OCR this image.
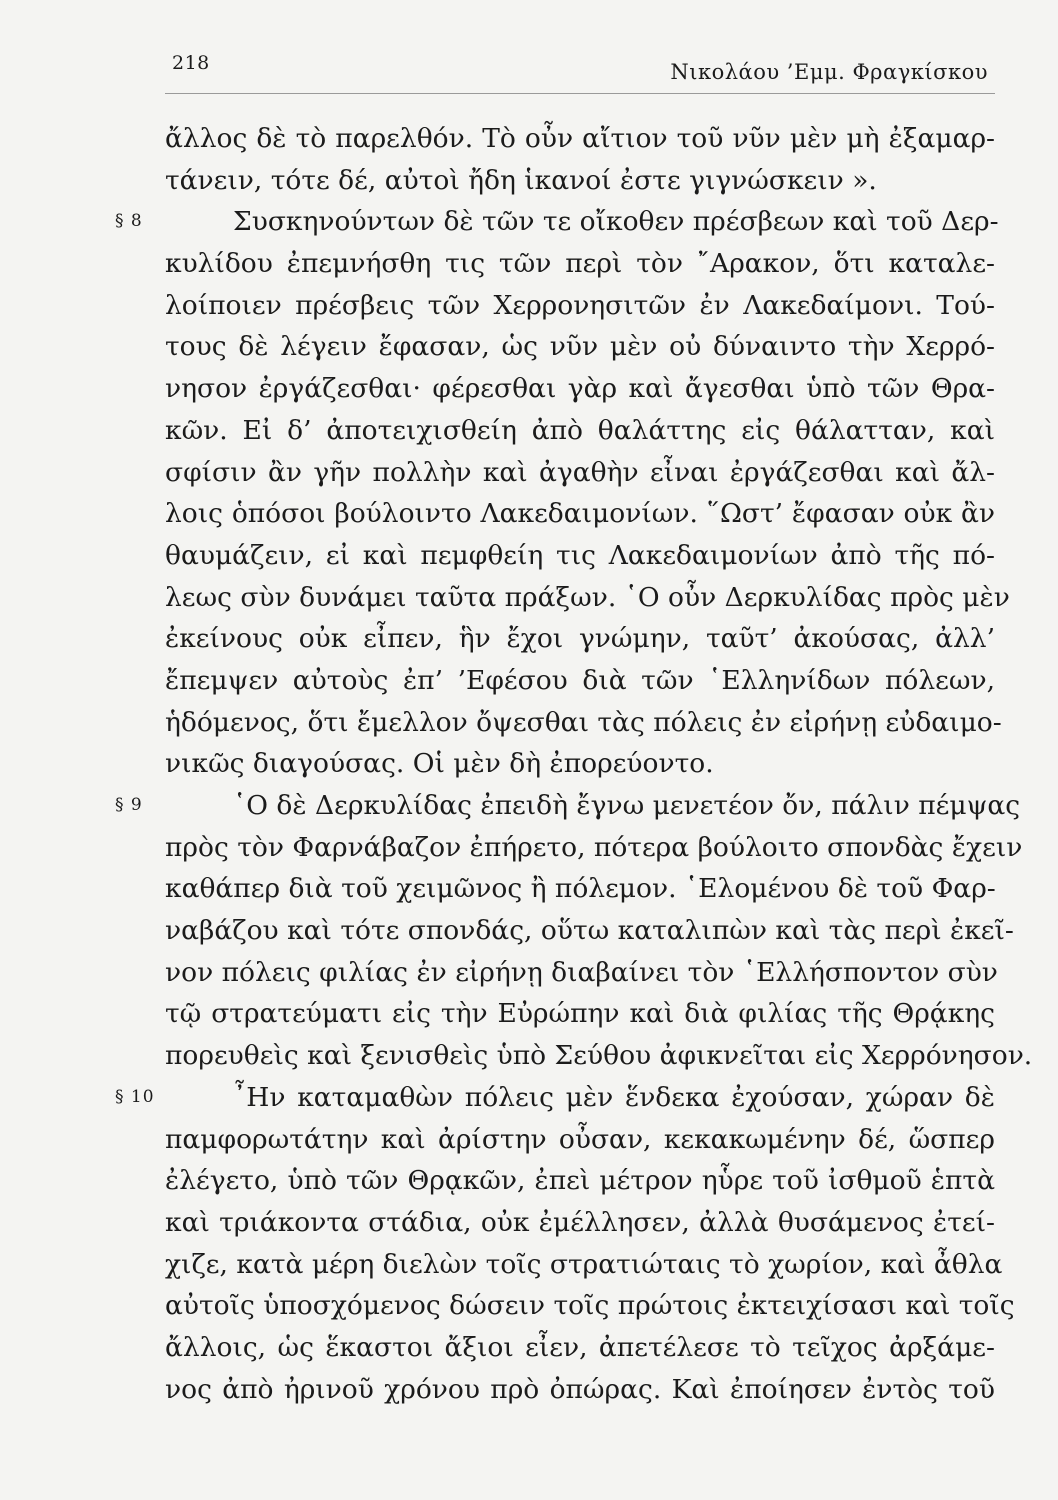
218	Νικολάου ’Εμμ. Φραγκίσκου
ἄλλος δὲ τὸ παρελθόν. Τὸ οὖν αἴτιον τοῦ νῦν μὲν μὴ ἐξαμαρ-
τάνειν, τότε δέ, αὐτοὶ ἤδη ἱκανοί ἐστε γιγνώσκειν ».
§ 8	Συσκηνούντων δὲ τῶν τε οἴκοθεν πρέσβεων καὶ τοῦ Δερ-
κυλίδου ἐπεμνήσθη τις τῶν περὶ τὸν ῎Αρακον, ὅτι καταλε-
λοίποιεν πρέσβεις τῶν Χερρονησιτῶν ἐν Λακεδαίμονι. Τού-
τους δὲ λέγειν ἔφασαν, ὡς νῦν μὲν οὐ δύναιντο τὴν Χερρό-
νησον ἐργάζεσθαι· φέρεσθαι γὰρ καὶ ἄγεσθαι ὑπὸ τῶν Θρα-
κῶν. Εἰ δ’ ἀποτειχισθείη ἀπὸ θαλάττης εἰς θάλατταν, καὶ
σφίσιν ἂν γῆν πολλὴν καὶ ἀγαθὴν εἶναι ἐργάζεσθαι καὶ ἄλ-
λοις ὁπόσοι βούλοιντο Λακεδαιμονίων. ῞Ωστ’ ἔφασαν οὐκ ἂν
θαυμάζειν, εἰ καὶ πεμφθείη τις Λακεδαιμονίων ἀπὸ τῆς πό-
λεως σὺν δυνάμει ταῦτα πράξων. ῾Ο οὖν Δερκυλίδας πρὸς μὲν
ἐκείνους οὐκ εἶπεν, ἣν ἔχοι γνώμην, ταῦτ’ ἀκούσας, ἀλλ’
ἔπεμψεν αὐτοὺς ἐπ’ ’Εφέσου διὰ τῶν ῾Ελληνίδων πόλεων,
ἡδόμενος, ὅτι ἔμελλον ὄψεσθαι τὰς πόλεις ἐν εἰρήνῃ εὐδαιμο-
νικῶς διαγούσας. Οἱ μὲν δὴ ἐπορεύοντο.
§ 9	῾Ο δὲ Δερκυλίδας ἐπειδὴ ἔγνω μενετέον ὄν, πάλιν πέμψας
πρὸς τὸν Φαρνάβαζον ἐπήρετο, πότερα βούλοιτο σπονδὰς ἔχειν
καθάπερ διὰ τοῦ χειμῶνος ἢ πόλεμον. ῾Ελομένου δὲ τοῦ Φαρ-
ναβάζου καὶ τότε σπονδάς, οὕτω καταλιπὼν καὶ τὰς περὶ ἐκεῖ-
νον πόλεις φιλίας ἐν εἰρήνῃ διαβαίνει τὸν ῾Ελλήσποντον σὺν
τῷ στρατεύματι εἰς τὴν Εὐρώπην καὶ διὰ φιλίας τῆς Θρᾴκης
πορευθεὶς καὶ ξενισθεὶς ὑπὸ Σεύθου ἀφικνεῖται εἰς Χερρόνησον.
§ 10	῏Ην καταμαθὼν πόλεις μὲν ἕνδεκα ἐχούσαν, χώραν δὲ
παμφορωτάτην καὶ ἀρίστην οὖσαν, κεκακωμένην δέ, ὥσπερ
ἐλέγετο, ὑπὸ τῶν Θρᾳκῶν, ἐπεὶ μέτρον ηὗρε τοῦ ἰσθμοῦ ἑπτὰ
καὶ τριάκοντα στάδια, οὐκ ἐμέλλησεν, ἀλλὰ θυσάμενος ἐτεί-
χιζε, κατὰ μέρη διελὼν τοῖς στρατιώταις τὸ χωρίον, καὶ ἆθλα
αὐτοῖς ὑποσχόμενος δώσειν τοῖς πρώτοις ἐκτειχίσασι καὶ τοῖς
ἄλλοις, ὡς ἕκαστοι ἄξιοι εἶεν, ἀπετέλεσε τὸ τεῖχος ἀρξάμε-
νος ἀπὸ ἠρινοῦ χρόνου πρὸ ὀπώρας. Καὶ ἐποίησεν ἐντὸς τοῦ
